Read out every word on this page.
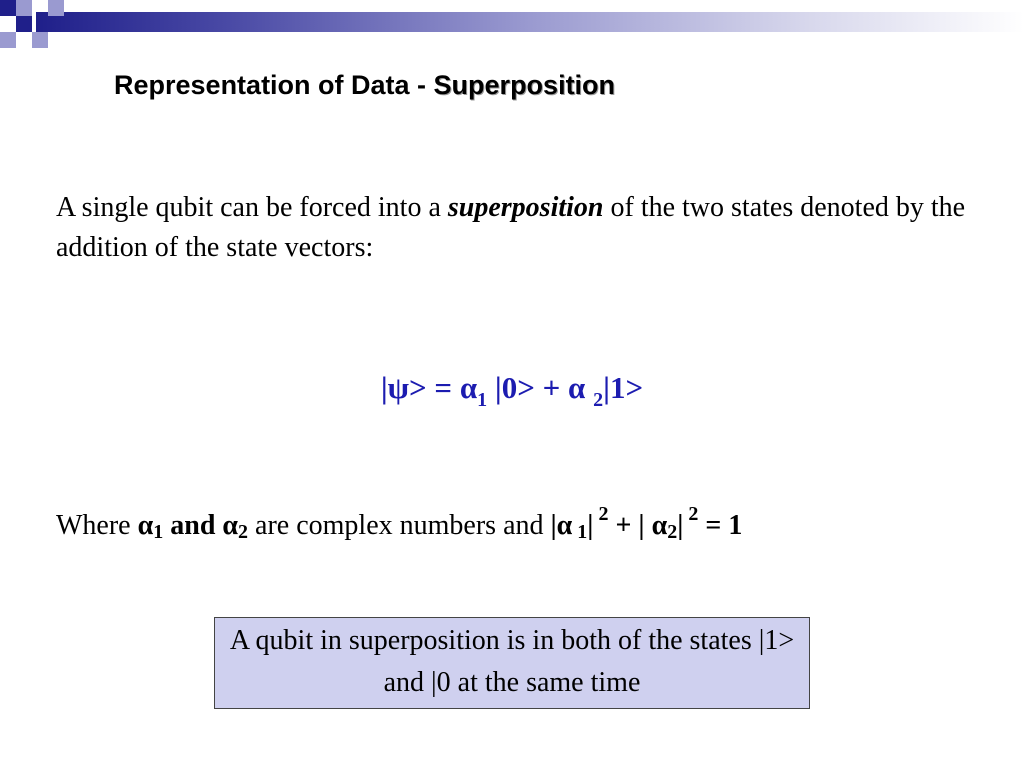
Representation of Data - Superposition
A single qubit can be forced into a superposition of the two states denoted by the addition of the state vectors:
$|\psi> = \alpha_1$ |0> + α $_2$|1>
Where $\alpha_1$ and $\alpha_2$ are complex numbers and |α $_1$| $^2$ + | $\alpha_2|$ $^2$ = 1
A qubit in superposition is in both of the states |1> and |0 at the same time
